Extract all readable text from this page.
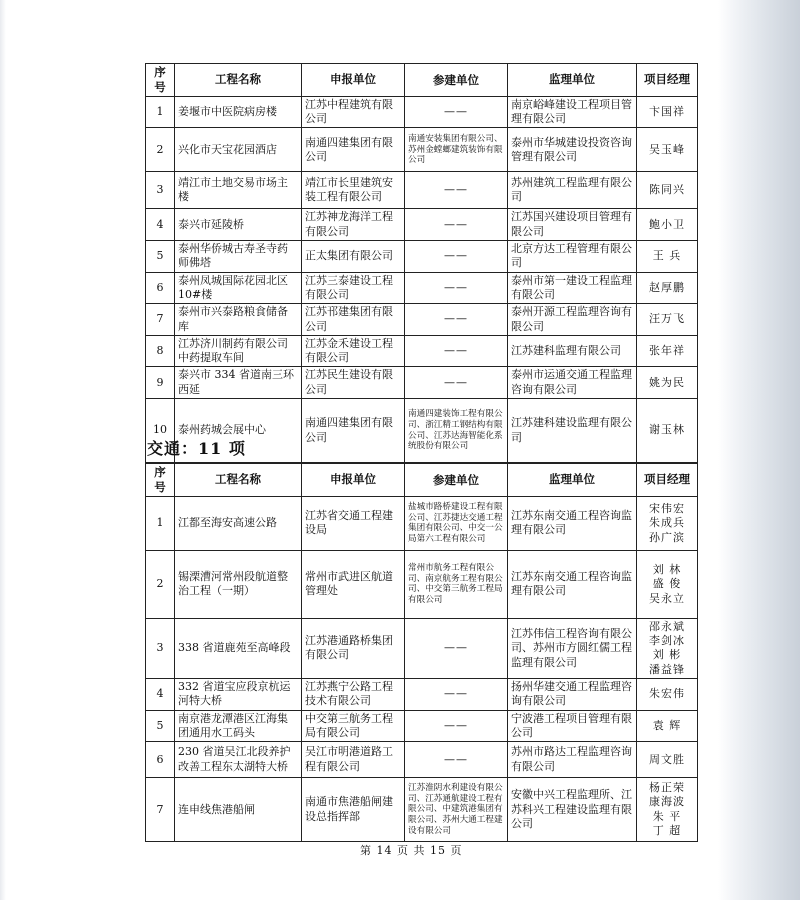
序号	工程名称	申报单位	参建单位	监理单位	项目经理
1	姜堰市中医院病房楼	江苏中程建筑有限公司	——	南京峪峰建设工程项目管理有限公司	卞国祥
2	兴化市天宝花园酒店	南通四建集团有限公司	南通安装集团有限公司、苏州金螳螂建筑装饰有限公司	泰州市华城建设投资咨询管理有限公司	吴玉峰
3	靖江市土地交易市场主楼	靖江市长里建筑安装工程有限公司	——	苏州建筑工程监理有限公司	陈同兴
4	泰兴市延陵桥	江苏神龙海洋工程有限公司	——	江苏国兴建设项目管理有限公司	鲍小卫
5	泰州华侨城古寿圣寺药师佛塔	正太集团有限公司	——	北京方达工程管理有限公司	王 兵
6	泰州凤城国际花园北区 10#楼	江苏三泰建设工程有限公司	——	泰州市第一建设工程监理有限公司	赵厚鹏
7	泰州市兴泰路粮食储备库	江苏邗建集团有限公司	——	泰州开源工程监理咨询有限公司	汪万飞
8	江苏济川制药有限公司中药提取车间	江苏金禾建设工程有限公司	——	江苏建科监理有限公司	张年祥
9	泰兴市 334 省道南三环西延	江苏民生建设有限公司	——	泰州市运通交通工程监理咨询有限公司	姚为民
10	泰州药城会展中心	南通四建集团有限公司	南通四建装饰工程有限公司、浙江精工钢结构有限公司、江苏达海智能化系统股份有限公司	江苏建科建设监理有限公司	谢玉林
交通：11 项
序号	工程名称	申报单位	参建单位	监理单位	项目经理
1	江都至海安高速公路	江苏省交通工程建设局	盐城市路桥建设工程有限公司、江苏捷达交通工程集团有限公司、中交一公局第六工程有限公司	江苏东南交通工程咨询监理有限公司	宋伟宏
朱成兵
孙广滨
2	锡溧漕河常州段航道整治工程（一期）	常州市武进区航道管理处	常州市航务工程有限公司、南京航务工程有限公司、中交第三航务工程局有限公司	江苏东南交通工程咨询监理有限公司	刘 林
盛 俊
吴永立
3	338 省道鹿苑至高峰段	江苏港通路桥集团有限公司	——	江苏伟信工程咨询有限公司、苏州市方圆红儒工程监理有限公司	邵永斌
李剑冰
刘 彬
潘益锋
4	332 省道宝应段京杭运河特大桥	江苏燕宁公路工程技术有限公司	——	扬州华建交通工程监理咨询有限公司	朱宏伟
5	南京港龙潭港区江海集团通用水工码头	中交第三航务工程局有限公司	——	宁波港工程项目管理有限公司	袁 辉
6	230 省道吴江北段养护改善工程东太湖特大桥	吴江市明港道路工程有限公司	——	苏州市路达工程监理咨询有限公司	周文胜
7	连申线焦港船闸	南通市焦港船闸建设总指挥部	江苏淮阴水利建设有限公司、江苏通航建设工程有限公司、中建筑港集团有限公司、苏州大通工程建设有限公司	安徽中兴工程监理所、江苏科兴工程建设监理有限公司	杨正荣
康海波
朱 平
丁 超
第 14 页 共 15 页
